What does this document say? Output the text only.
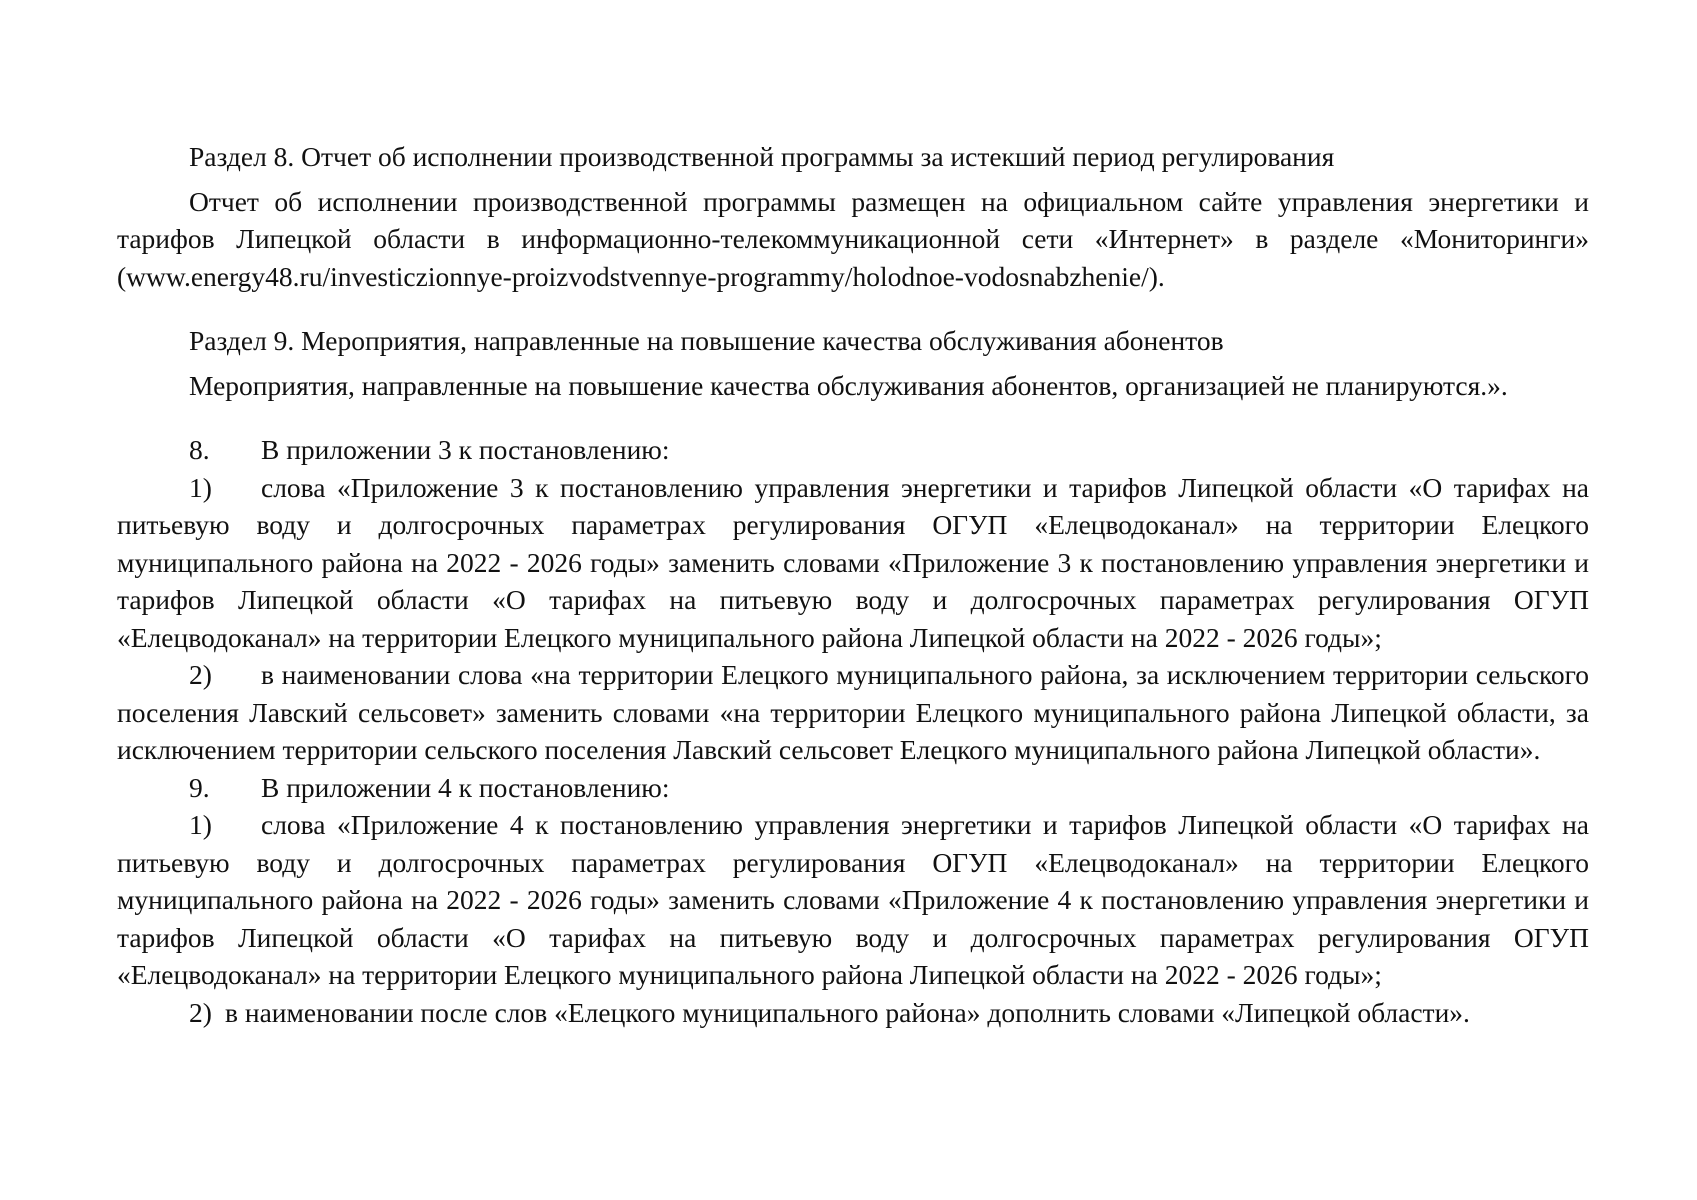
Раздел 8. Отчет об исполнении производственной программы за истекший период регулирования

Отчет об исполнении производственной программы размещен на официальном сайте управления энергетики и тарифов Липецкой области в информационно-телекоммуникационной сети «Интернет» в разделе «Мониторинги» (www.energy48.ru/investiczionnye-proizvodstvennye-programmy/holodnoe-vodosnabzhenie/).

Раздел 9. Мероприятия, направленные на повышение качества обслуживания абонентов

Мероприятия, направленные на повышение качества обслуживания абонентов, организацией не планируются.».

8. В приложении 3 к постановлению:

1) слова «Приложение 3 к постановлению управления энергетики и тарифов Липецкой области «О тарифах на питьевую воду и долгосрочных параметрах регулирования ОГУП «Елецводоканал» на территории Елецкого муниципального района на 2022 - 2026 годы» заменить словами «Приложение 3 к постановлению управления энергетики и тарифов Липецкой области «О тарифах на питьевую воду и долгосрочных параметрах регулирования ОГУП «Елецводоканал» на территории Елецкого муниципального района Липецкой области на 2022 - 2026 годы»;

2) в наименовании слова «на территории Елецкого муниципального района, за исключением территории сельского поселения Лавский сельсовет» заменить словами «на территории Елецкого муниципального района Липецкой области, за исключением территории сельского поселения Лавский сельсовет Елецкого муниципального района Липецкой области».

9. В приложении 4 к постановлению:

1) слова «Приложение 4 к постановлению управления энергетики и тарифов Липецкой области «О тарифах на питьевую воду и долгосрочных параметрах регулирования ОГУП «Елецводоканал» на территории Елецкого муниципального района на 2022 - 2026 годы» заменить словами «Приложение 4 к постановлению управления энергетики и тарифов Липецкой области «О тарифах на питьевую воду и долгосрочных параметрах регулирования ОГУП «Елецводоканал» на территории Елецкого муниципального района Липецкой области на 2022 - 2026 годы»;

2) в наименовании после слов «Елецкого муниципального района» дополнить словами «Липецкой области».
